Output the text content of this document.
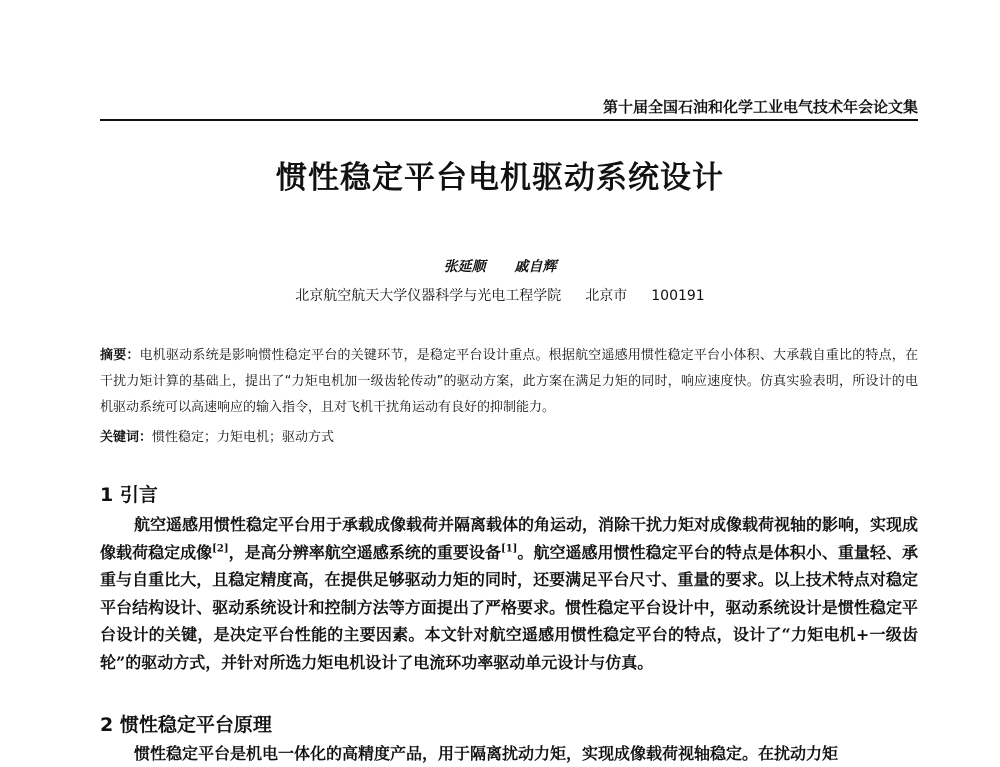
第十届全国石油和化学工业电气技术年会论文集
惯性稳定平台电机驱动系统设计
张延顺 戚自辉
北京航空航天大学仪器科学与光电工程学院 北京市 100191
摘要：电机驱动系统是影响惯性稳定平台的关键环节，是稳定平台设计重点。根据航空遥感用惯性稳定平台小体积、大承载自重比的特点，在干扰力矩计算的基础上，提出了“力矩电机加一级齿轮传动”的驱动方案，此方案在满足力矩的同时，响应速度快。仿真实验表明，所设计的电机驱动系统可以高速响应的输入指令，且对飞机干扰角运动有良好的抑制能力。
关键词：惯性稳定；力矩电机；驱动方式
1 引言
航空遥感用惯性稳定平台用于承载成像载荷并隔离载体的角运动，消除干扰力矩对成像载荷视轴的影响，实现成像载荷稳定成像[2]，是高分辨率航空遥感系统的重要设备[1]。航空遥感用惯性稳定平台的特点是体积小、重量轻、承重与自重比大，且稳定精度高，在提供足够驱动力矩的同时，还要满足平台尺寸、重量的要求。以上技术特点对稳定平台结构设计、驱动系统设计和控制方法等方面提出了严格要求。惯性稳定平台设计中，驱动系统设计是惯性稳定平台设计的关键，是决定平台性能的主要因素。本文针对航空遥感用惯性稳定平台的特点，设计了“力矩电机+一级齿轮”的驱动方式，并针对所选力矩电机设计了电流环功率驱动单元设计与仿真。
2 惯性稳定平台原理
惯性稳定平台是机电一体化的高精度产品，用于隔离扰动力矩，实现成像载荷视轴稳定。在扰动力矩
